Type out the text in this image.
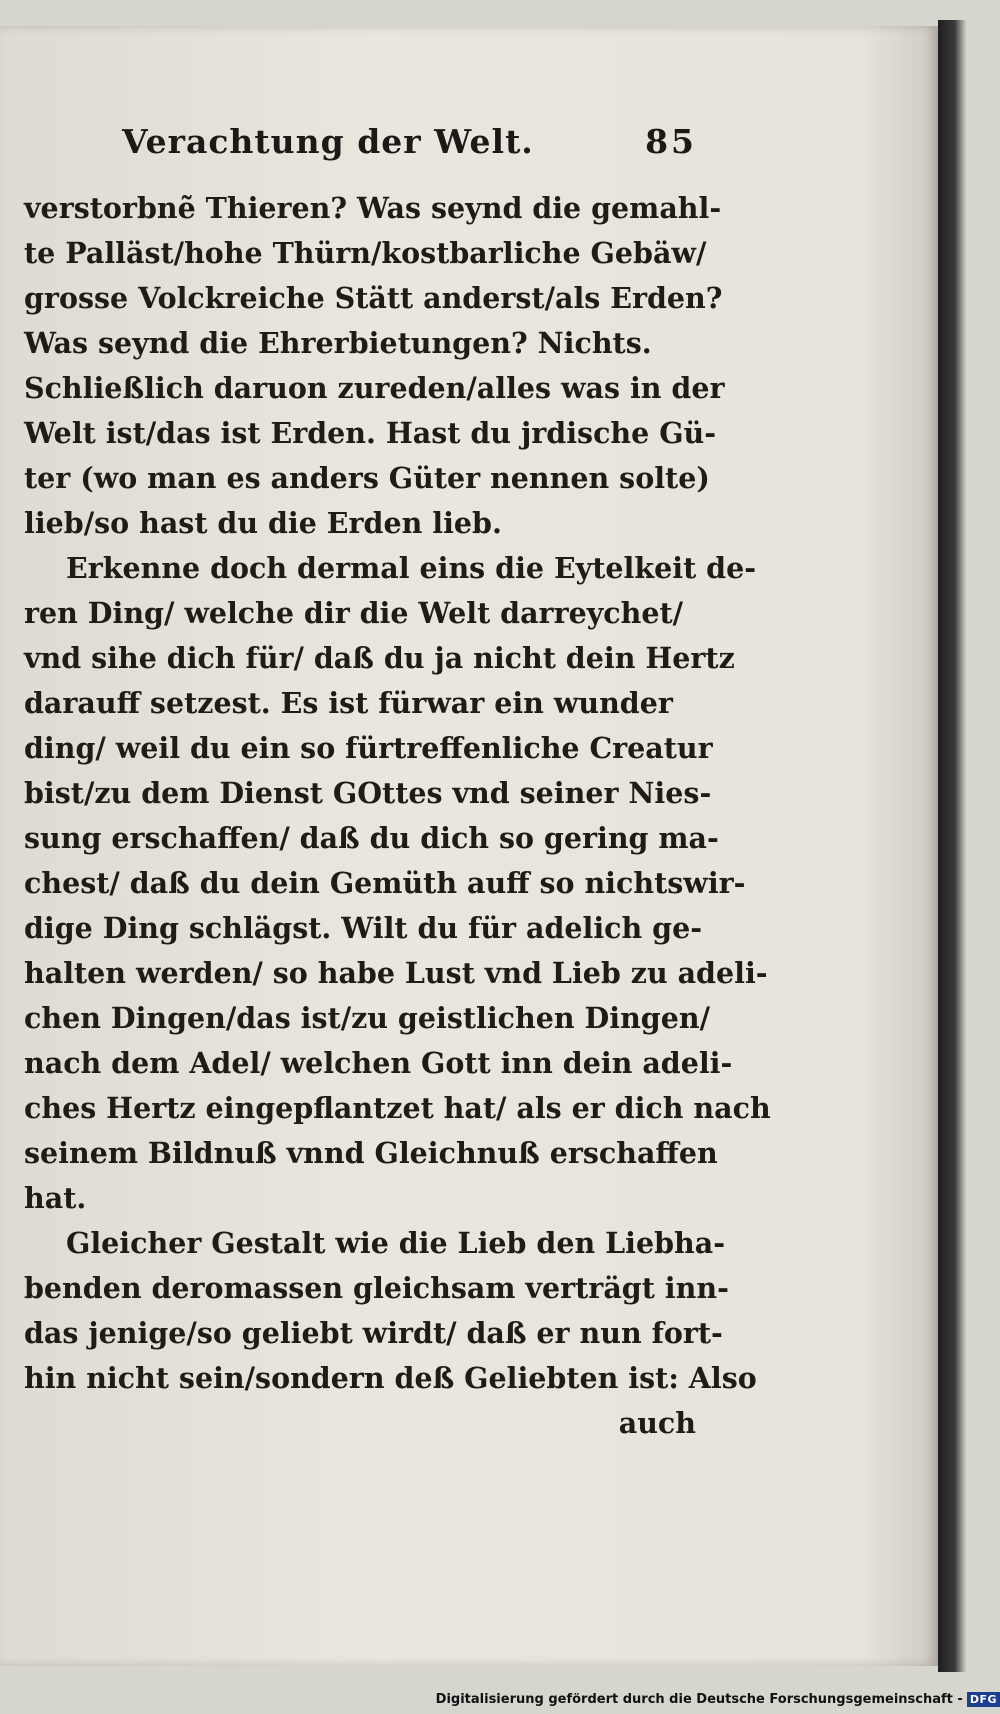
Verachtung der Welt.	85
verstorbnẽ Thieren? Was seynd die gemahl-
te Palläst/hohe Thürn/kostbarliche Gebäw/
grosse Volckreiche Stätt anderst/als Erden?
Was seynd die Ehrerbietungen? Nichts.
Schließlich daruon zureden/alles was in der
Welt ist/das ist Erden. Hast du jrdische Gü-
ter (wo man es anders Güter nennen solte)
lieb/so hast du die Erden lieb.
Erkenne doch dermal eins die Eytelkeit de-
ren Ding/ welche dir die Welt darreychet/
vnd sihe dich für/ daß du ja nicht dein Hertz
darauff setzest. Es ist fürwar ein wunder
ding/ weil du ein so fürtreffenliche Creatur
bist/zu dem Dienst GOttes vnd seiner Nies-
sung erschaffen/ daß du dich so gering ma-
chest/ daß du dein Gemüth auff so nichtswir-
dige Ding schlägst. Wilt du für adelich ge-
halten werden/ so habe Lust vnd Lieb zu adeli-
chen Dingen/das ist/zu geistlichen Dingen/
nach dem Adel/ welchen Gott inn dein adeli-
ches Hertz eingepflantzet hat/ als er dich nach
seinem Bildnuß vnnd Gleichnuß erschaffen
hat.
Gleicher Gestalt wie die Lieb den Liebha-
benden deromassen gleichsam verträgt inn-
das jenige/so geliebt wirdt/ daß er nun fort-
hin nicht sein/sondern deß Geliebten ist: Also
auch
Digitalisierung gefördert durch die Deutsche Forschungsgemeinschaft - DFG
